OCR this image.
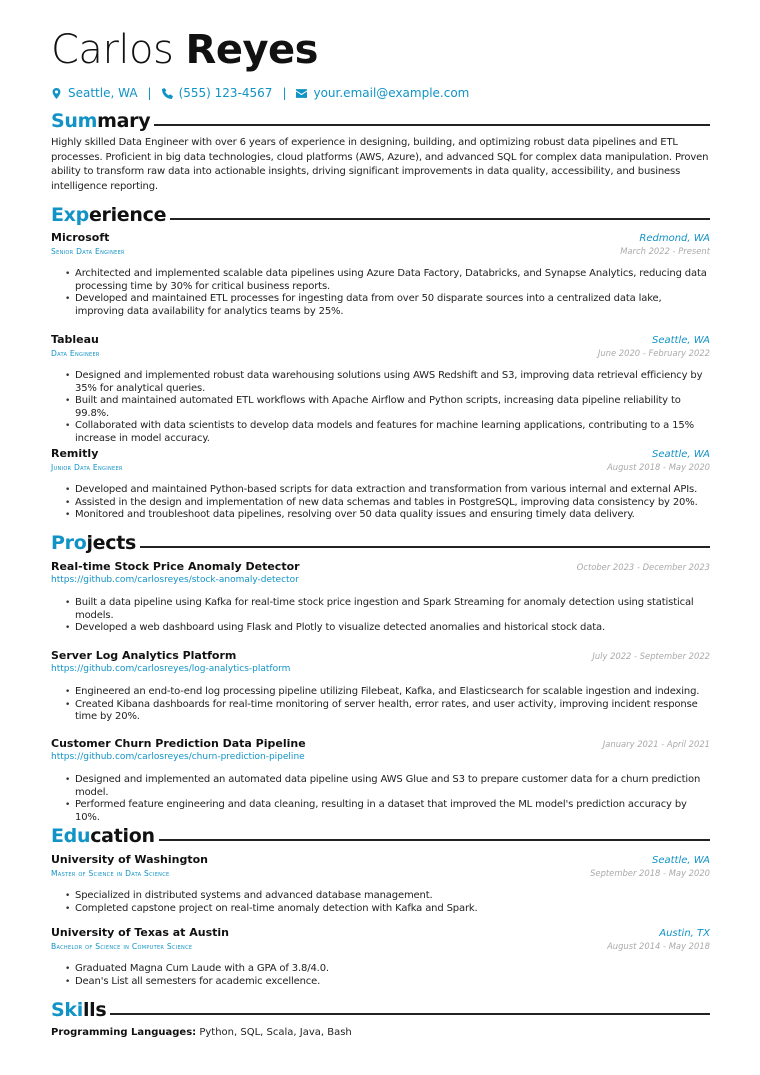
Carlos Reyes
Seattle, WA | (555) 123-4567 | your.email@example.com
Summary

Highly skilled Data Engineer with over 6 years of experience in designing, building, and optimizing robust data pipelines and ETL processes. Proficient in big data technologies, cloud platforms (AWS, Azure), and advanced SQL for complex data manipulation. Proven ability to transform raw data into actionable insights, driving significant improvements in data quality, accessibility, and business intelligence reporting.

Experience
Microsoft	Redmond, WA
Senior Data Engineer	March 2022 - Present
• Architected and implemented scalable data pipelines using Azure Data Factory, Databricks, and Synapse Analytics, reducing data processing time by 30% for critical business reports.
• Developed and maintained ETL processes for ingesting data from over 50 disparate sources into a centralized data lake, improving data availability for analytics teams by 25%.
Tableau	Seattle, WA
Data Engineer	June 2020 - February 2022
• Designed and implemented robust data warehousing solutions using AWS Redshift and S3, improving data retrieval efficiency by 35% for analytical queries.
• Built and maintained automated ETL workflows with Apache Airflow and Python scripts, increasing data pipeline reliability to 99.8%.
• Collaborated with data scientists to develop data models and features for machine learning applications, contributing to a 15% increase in model accuracy.
Remitly	Seattle, WA
Junior Data Engineer	August 2018 - May 2020
• Developed and maintained Python-based scripts for data extraction and transformation from various internal and external APIs.
• Assisted in the design and implementation of new data schemas and tables in PostgreSQL, improving data consistency by 20%.
• Monitored and troubleshoot data pipelines, resolving over 50 data quality issues and ensuring timely data delivery.
Projects
Real-time Stock Price Anomaly Detector	October 2023 - December 2023
https://github.com/carlosreyes/stock-anomaly-detector
• Built a data pipeline using Kafka for real-time stock price ingestion and Spark Streaming for anomaly detection using statistical models.
• Developed a web dashboard using Flask and Plotly to visualize detected anomalies and historical stock data.
Server Log Analytics Platform	July 2022 - September 2022
https://github.com/carlosreyes/log-analytics-platform
• Engineered an end-to-end log processing pipeline utilizing Filebeat, Kafka, and Elasticsearch for scalable ingestion and indexing.
• Created Kibana dashboards for real-time monitoring of server health, error rates, and user activity, improving incident response time by 20%.
Customer Churn Prediction Data Pipeline	January 2021 - April 2021
https://github.com/carlosreyes/churn-prediction-pipeline
• Designed and implemented an automated data pipeline using AWS Glue and S3 to prepare customer data for a churn prediction model.
• Performed feature engineering and data cleaning, resulting in a dataset that improved the ML model's prediction accuracy by 10%.
Education
University of Washington	Seattle, WA
Master of Science in Data Science	September 2018 - May 2020
• Specialized in distributed systems and advanced database management.
• Completed capstone project on real-time anomaly detection with Kafka and Spark.
University of Texas at Austin	Austin, TX
Bachelor of Science in Computer Science	August 2014 - May 2018
• Graduated Magna Cum Laude with a GPA of 3.8/4.0.
• Dean's List all semesters for academic excellence.
Skills
Programming Languages: Python, SQL, Scala, Java, Bash
